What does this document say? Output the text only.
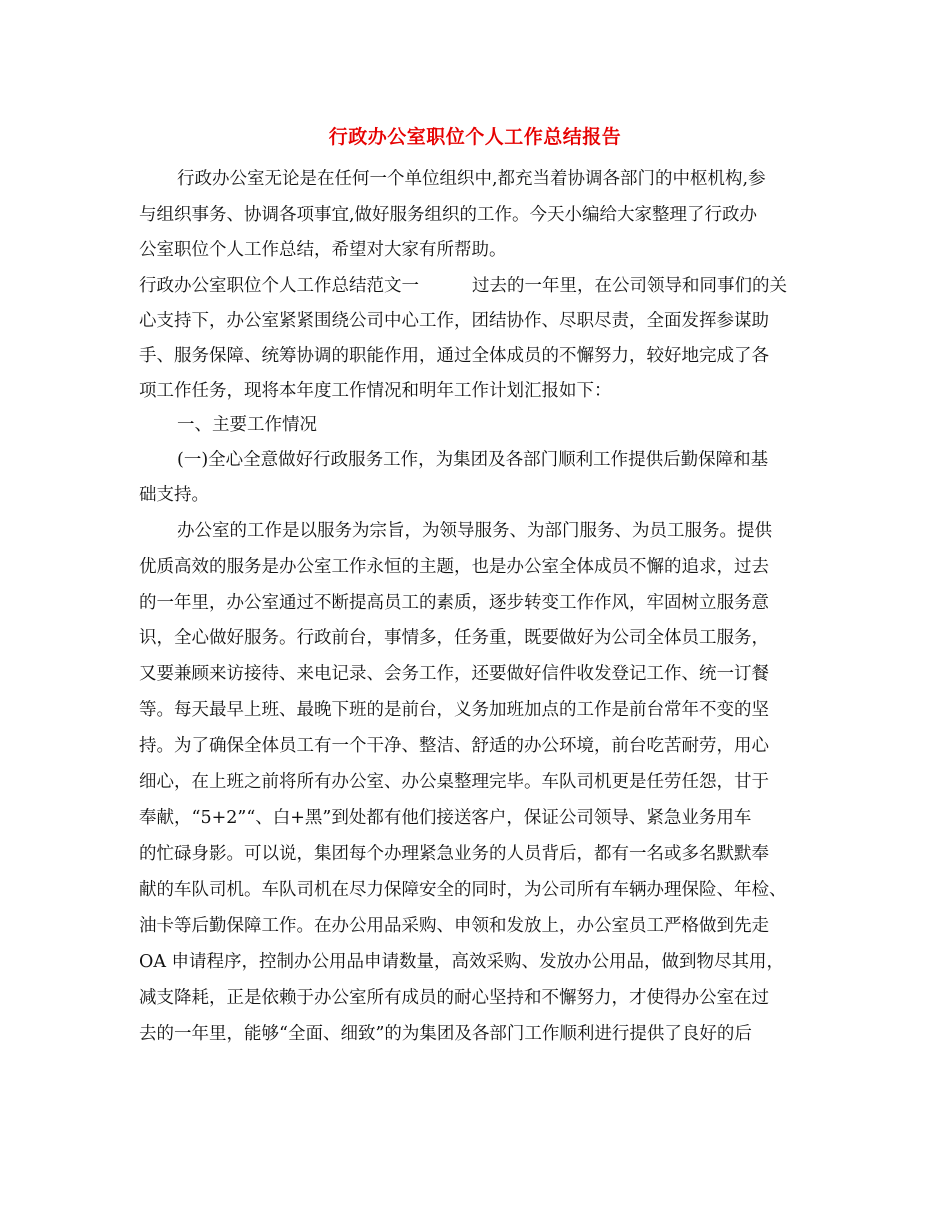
行政办公室职位个人工作总结报告
行政办公室无论是在任何一个单位组织中,都充当着协调各部门的中枢机构,参
与组织事务、协调各项事宜,做好服务组织的工作。今天小编给大家整理了行政办
公室职位个人工作总结，希望对大家有所帮助。
行政办公室职位个人工作总结范文一	过去的一年里，在公司领导和同事们的关
心支持下，办公室紧紧围绕公司中心工作，团结协作、尽职尽责，全面发挥参谋助
手、服务保障、统筹协调的职能作用，通过全体成员的不懈努力，较好地完成了各
项工作任务，现将本年度工作情况和明年工作计划汇报如下：
一、主要工作情况
(一)全心全意做好行政服务工作，为集团及各部门顺利工作提供后勤保障和基
础支持。
办公室的工作是以服务为宗旨，为领导服务、为部门服务、为员工服务。提供
优质高效的服务是办公室工作永恒的主题，也是办公室全体成员不懈的追求，过去
的一年里，办公室通过不断提高员工的素质，逐步转变工作作风，牢固树立服务意
识，全心做好服务。行政前台，事情多，任务重，既要做好为公司全体员工服务，
又要兼顾来访接待、来电记录、会务工作，还要做好信件收发登记工作、统一订餐
等。每天最早上班、最晚下班的是前台，义务加班加点的工作是前台常年不变的坚
持。为了确保全体员工有一个干净、整洁、舒适的办公环境，前台吃苦耐劳，用心
细心，在上班之前将所有办公室、办公桌整理完毕。车队司机更是任劳任怨，甘于
奉献，“5+2”“、白+黑”到处都有他们接送客户，保证公司领导、紧急业务用车
的忙碌身影。可以说，集团每个办理紧急业务的人员背后，都有一名或多名默默奉
献的车队司机。车队司机在尽力保障安全的同时，为公司所有车辆办理保险、年检、
油卡等后勤保障工作。在办公用品采购、申领和发放上，办公室员工严格做到先走
OA 申请程序，控制办公用品申请数量，高效采购、发放办公用品，做到物尽其用，
减支降耗，正是依赖于办公室所有成员的耐心坚持和不懈努力，才使得办公室在过
去的一年里，能够“全面、细致”的为集团及各部门工作顺利进行提供了良好的后
